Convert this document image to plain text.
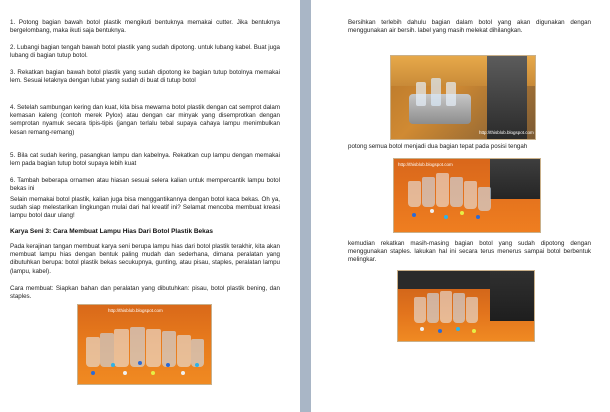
1. Potong bagian bawah botol plastik mengikuti bentuknya memakai cutter. Jika bentuknya bergelombang, maka ikuti saja bentuknya.

2. Lubangi bagian tengah bawah botol plastik yang sudah dipotong. untuk lubang kabel. Buat juga lubang di bagian tutup botol.

3. Rekatkan bagian bawah botol plastik yang sudah dipotong ke bagian tutup botolnya memakai lem. Sesuai letaknya dengan lubat yang sudah di buat di tutup botol

4. Setelah sambungan kering dan kuat, kita bisa mewarna botol plastik dengan cat semprot dalam kemasan kaleng (contoh merek Pylox) atau dengan car minyak yang disemprotkan dengan semprotan nyamuk secara tipis-tipis (jangan terlalu tebal supaya cahaya lampu menimbulkan kesan remang-remang)

5. Bila cat sudah kering, pasangkan lampu dan kabelnya. Rekatkan cup lampu dengan memakai lem pada bagian tutup botol supaya lebih kuat

6. Tambah beberapa ornamen atau hiasan sesuai selera kalian untuk mempercantik lampu botol bekas ini

Selain memakai botol plastik, kalian juga bisa menggantikannya dengan botol kaca bekas. Oh ya, sudah siap melestarikan lingkungan mulai dari hal kreatif ini? Selamat mencoba membuat kreasi lampu botol daur ulang!

Karya Seni 3: Cara Membuat Lampu Hias Dari Botol Plastik Bekas

Pada kerajinan tangan membuat karya seni berupa lampu hias dari botol plastik terakhir, kita akan membuat lampu hias dengan bentuk paling mudah dan sederhana, dimana peralatan yang dibutuhkan berupa: botol plastik bekas secukupnya, gunting, atau pisau, staples, peralatan lampu (lampu, kabel).

Cara membuat: Siapkan bahan dan peralatan yang dibutuhkan: pisau, botol plastik bening, dan staples.

http://thisblob.blogspot.com

Bersihkan terlebih dahulu bagian dalam botol yang akan digunakan dengan menggunakan air bersih. label yang masih melekat dihilangkan.

http://thisblob.blogspot.com

potong semua botol menjadi dua bagian tepat pada posisi tengah

http://thisblob.blogspot.com

kemudian rekatkan masih-masing bagian botol yang sudah dipotong dengan menggunakan staples. lakukan hal ini secara terus menerus sampai botol berbentuk melingkar.
